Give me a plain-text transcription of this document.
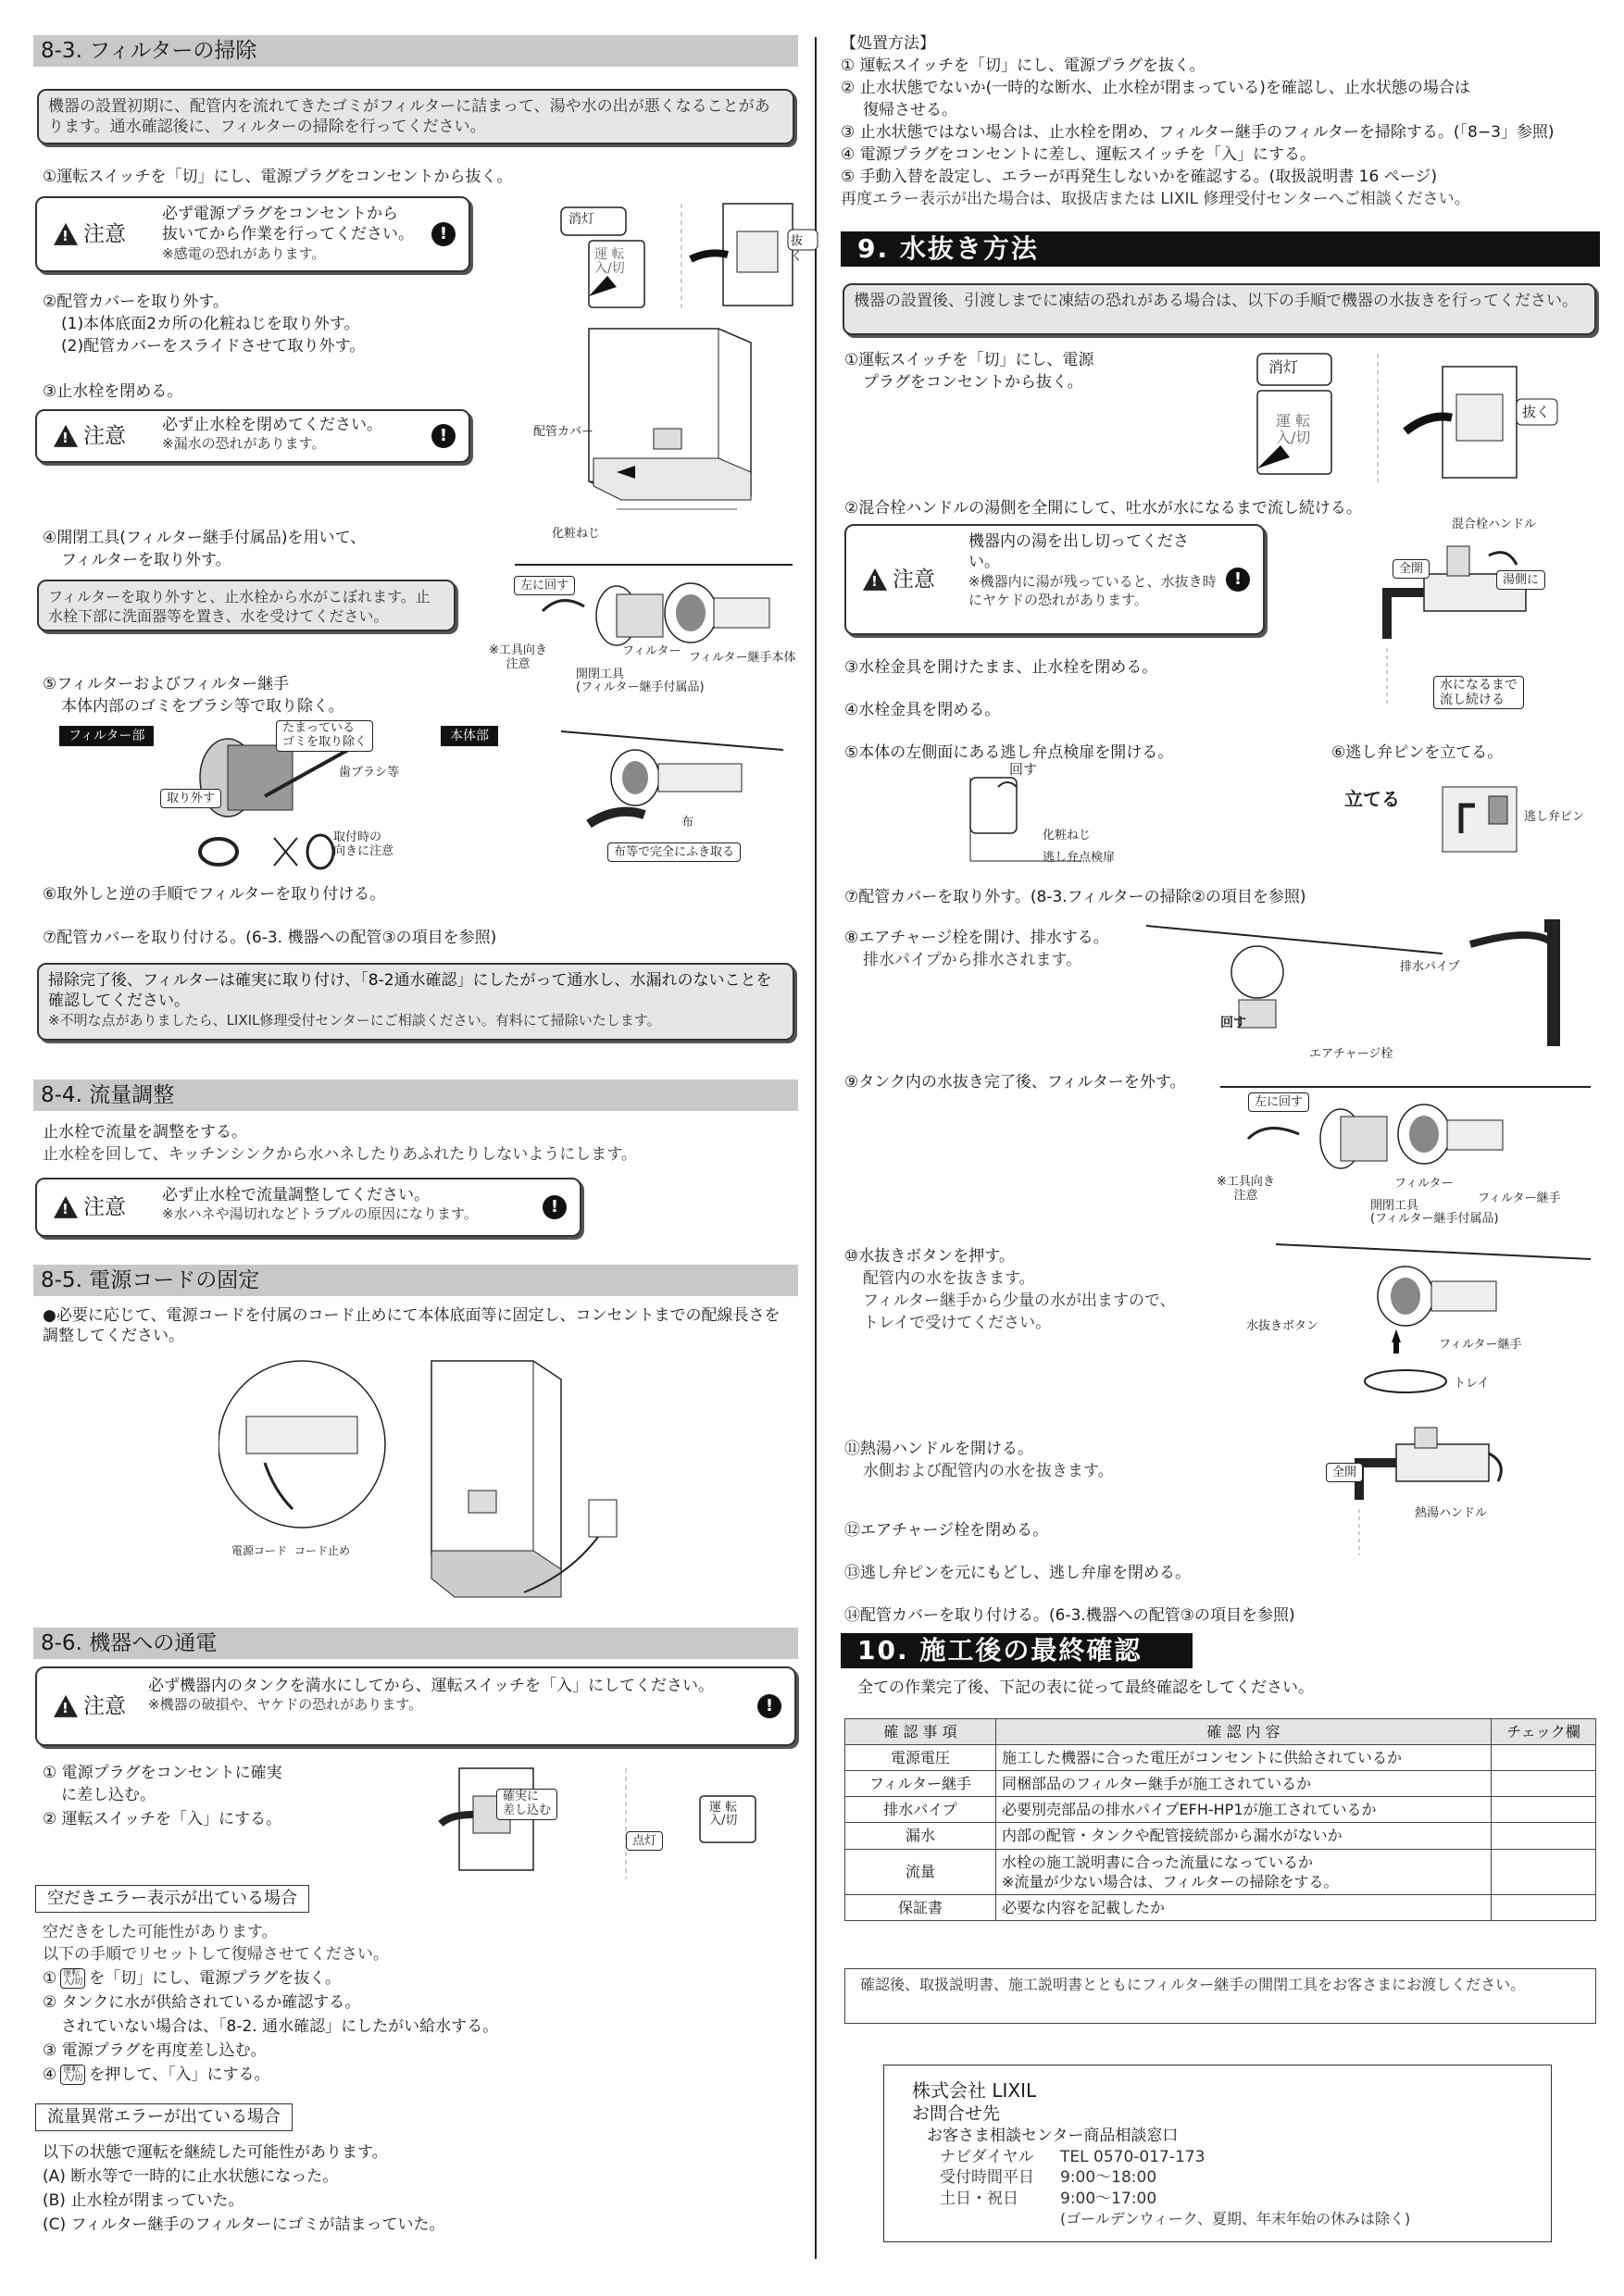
8-3. フィルターの掃除
機器の設置初期に、配管内を流れてきたゴミがフィルターに詰まって、湯や水の出が悪くなることがあります。通水確認後に、フィルターの掃除を行ってください。
①運転スイッチを「切」にし、電源プラグをコンセントから抜く。
!
注意
必ず電源プラグをコンセントから
抜いてから作業を行ってください。
※感電の恐れがあります。
!
消灯
運 転
入/切
抜く
②配管カバーを取り外す。
(1)本体底面2カ所の化粧ねじを取り外す。
(2)配管カバーをスライドさせて取り外す。
③止水栓を閉める。
!
注意 必ず止水栓を閉めてください。
※漏水の恐れがあります。	!	配管カバー
化粧ねじ
④開閉工具(フィルター継手付属品)を用いて、
フィルターを取り外す。
フィルターを取り外すと、止水栓から水がこぼれます。止水栓下部に洗面器等を置き、水を受けてください。
左に回す
フィルター フィルター継手本体
※工具向き
注意
開閉工具
(フィルター継手付属品)
⑤フィルターおよびフィルター継手
本体内部のゴミをブラシ等で取り除く。
フィルター部	本体部
たまっている
ゴミを取り除く
歯ブラシ等
取り外す
取付時の
向きに注意
布
布等で完全にふき取る
⑥取外しと逆の手順でフィルターを取り付ける。
⑦配管カバーを取り付ける。(6-3. 機器への配管③の項目を参照)
掃除完了後、フィルターは確実に取り付け、「8-2通水確認」にしたがって通水し、水漏れのないことを確認してください。
※不明な点がありましたら、LIXIL修理受付センターにご相談ください。有料にて掃除いたします。
8-4. 流量調整
止水栓で流量を調整をする。
止水栓を回して、キッチンシンクから水ハネしたりあふれたりしないようにします。
!
注意 必ず止水栓で流量調整してください。
※水ハネや湯切れなどトラブルの原因になります。	!
8-5. 電源コードの固定
●必要に応じて、電源コードを付属のコード止めにて本体底面等に固定し、コンセントまでの配線長さを調整してください。
電源コード コード止め
8-6. 機器への通電
!
注意
必ず機器内のタンクを満水にしてから、運転スイッチを「入」にしてください。
※機器の破損や、ヤケドの恐れがあります。	!
① 電源プラグをコンセントに確実
に差し込む。
② 運転スイッチを「入」にする。
確実に
差し込む
点灯
運 転
入/切
空だきエラー表示が出ている場合
空だきをした可能性があります。
以下の手順でリセットして復帰させてください。
① 運転
入/切 を「切」にし、電源プラグを抜く。
② タンクに水が供給されているか確認する。
されていない場合は、「8-2. 通水確認」にしたがい給水する。
③ 電源プラグを再度差し込む。
④ 運転
入/切 を押して、「入」にする。
流量異常エラーが出ている場合
以下の状態で運転を継続した可能性があります。
(A) 断水等で一時的に止水状態になった。
(B) 止水栓が閉まっていた。
(C) フィルター継手のフィルターにゴミが詰まっていた。
【処置方法】
① 運転スイッチを「切」にし、電源プラグを抜く。
② 止水状態でないか(一時的な断水、止水栓が閉まっている)を確認し、止水状態の場合は
復帰させる。
③ 止水状態ではない場合は、止水栓を閉め、フィルター継手のフィルターを掃除する。(「8−3」参照)
④ 電源プラグをコンセントに差し、運転スイッチを「入」にする。
⑤ 手動入替を設定し、エラーが再発生しないかを確認する。(取扱説明書 16 ページ)
再度エラー表示が出た場合は、取扱店または LIXIL 修理受付センターへご相談ください。
9. 水抜き方法
機器の設置後、引渡しまでに凍結の恐れがある場合は、以下の手順で機器の水抜きを行ってください。
①運転スイッチを「切」にし、電源
プラグをコンセントから抜く。
消灯
運 転
入/切
抜く
②混合栓ハンドルの湯側を全開にして、吐水が水になるまで流し続ける。
!
注意
機器内の湯を出し切ってください。
※機器内に湯が残っていると、水抜き時にヤケドの恐れがあります。
!
混合栓ハンドル
全開
湯側に
水になるまで
流し続ける
③水栓金具を開けたまま、止水栓を閉める。
④水栓金具を閉める。
⑤本体の左側面にある逃し弁点検扉を開ける。	⑥逃し弁ピンを立てる。
回す
化粧ねじ
逃し弁点検扉
立てる
逃し弁ピン
⑦配管カバーを取り外す。(8-3.フィルターの掃除②の項目を参照)
⑧エアチャージ栓を開け、排水する。
排水パイプから排水されます。	排水パイプ
回す
エアチャージ栓
⑨タンク内の水抜き完了後、フィルターを外す。
左に回す
フィルター
フィルター継手
※工具向き
注意
開閉工具
(フィルター継手付属品)
⑩水抜きボタンを押す。
配管内の水を抜きます。
フィルター継手から少量の水が出ますので、
トレイで受けてください。	水抜きボタン
フィルター継手
トレイ
⑪熱湯ハンドルを開ける。
水側および配管内の水を抜きます。	全開
熱湯ハンドル
⑫エアチャージ栓を閉める。
⑬逃し弁ピンを元にもどし、逃し弁扉を閉める。
⑭配管カバーを取り付ける。(6-3.機器への配管③の項目を参照)
10. 施工後の最終確認
全ての作業完了後、下記の表に従って最終確認をしてください。
確 認 事 項	確 認 内 容	チェック欄
電源電圧	施工した機器に合った電圧がコンセントに供給されているか	
フィルター継手	同梱部品のフィルター継手が施工されているか	
排水パイプ	必要別売部品の排水パイプEFH-HP1が施工されているか	
漏水	内部の配管・タンクや配管接続部から漏水がないか	
流量	水栓の施工説明書に合った流量になっているか
※流量が少ない場合は、フィルターの掃除をする。	
保証書	必要な内容を記載したか	
確認後、取扱説明書、施工説明書とともにフィルター継手の開閉工具をお客さまにお渡しください。
株式会社 LIXIL
お問合せ先
お客さま相談センター商品相談窓口
ナビダイヤル TEL 0570-017-173
受付時間平日 9:00〜18:00
土日・祝日	9:00〜17:00
(ゴールデンウィーク、夏期、年末年始の休みは除く)
